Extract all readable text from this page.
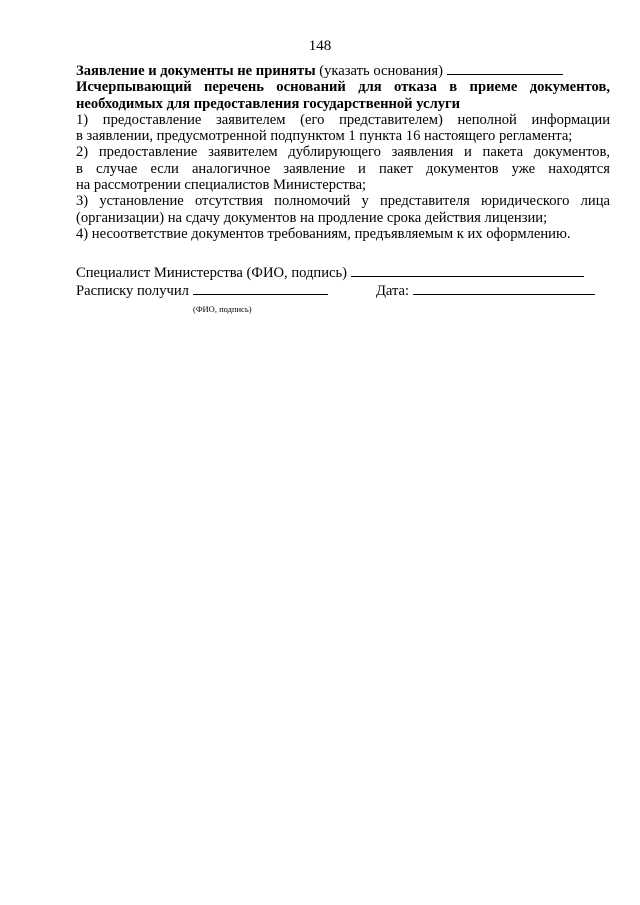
148

Заявление и документы не приняты (указать основания)

Исчерпывающий перечень оснований для отказа в приеме документов,

необходимых для предоставления государственной услуги

1) предоставление заявителем (его представителем) неполной информации

в заявлении, предусмотренной подпунктом 1 пункта 16 настоящего регламента;

2) предоставление заявителем дублирующего заявления и пакета документов,

в случае если аналогичное заявление и пакет документов уже находятся

на рассмотрении специалистов Министерства;

3) установление отсутствия полномочий у представителя юридического лица

(организации) на сдачу документов на продление срока действия лицензии;

4) несоответствие документов требованиям, предъявляемым к их оформлению.

Специалист Министерства (ФИО, подпись)

Расписку получил	Дата:
(ФИО, подпись)
